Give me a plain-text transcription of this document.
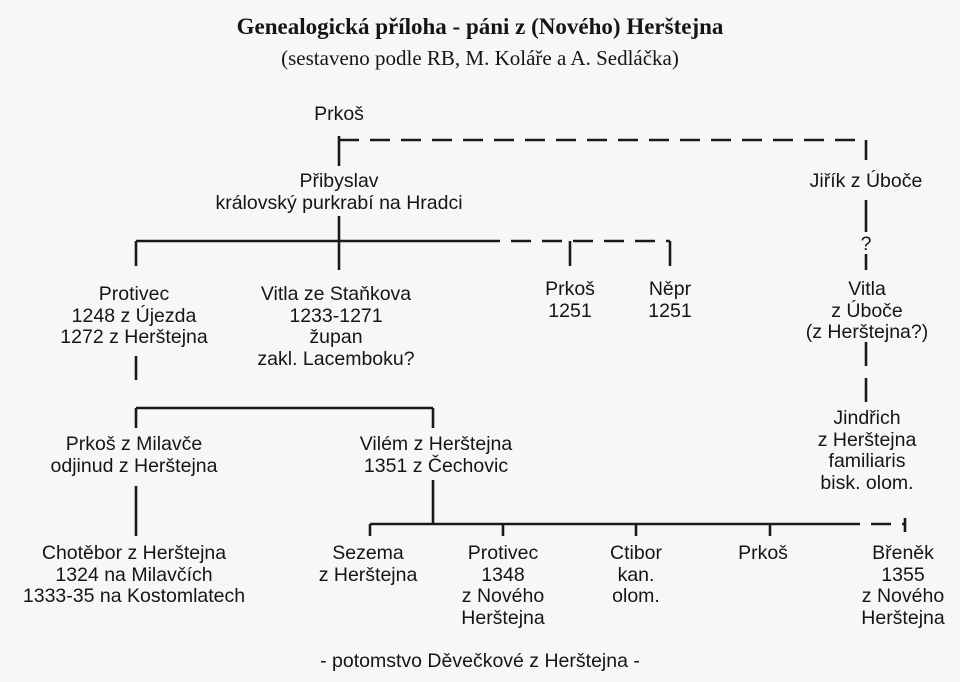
Genealogická příloha - páni z (Nového) Herštejna
(sestaveno podle RB, M. Koláře a A. Sedláčka)
Prkoš
Přibyslav
královský purkrabí na Hradci
Jiřík z Úboče
?
Protivec
1248 z Újezda
1272 z Herštejna
Vitla ze Staňkova
1233-1271
župan
zakl. Lacemboku?
Prkoš
1251
Něpr
1251
Vitla
z Úboče
(z Herštejna?)
Prkoš z Milavče
odjinud z Herštejna
Vilém z Herštejna
1351 z Čechovic
Jindřich
z Herštejna
familiaris
bisk. olom.
Chotěbor z Herštejna
1324 na Milavčích
1333-35 na Kostomlatech
Sezema
z Herštejna
Protivec
1348
z Nového
Herštejna
Ctibor
kan.
olom.
Prkoš	Břeněk
1355
z Nového
Herštejna
- potomstvo Děvečkové z Herštejna -
